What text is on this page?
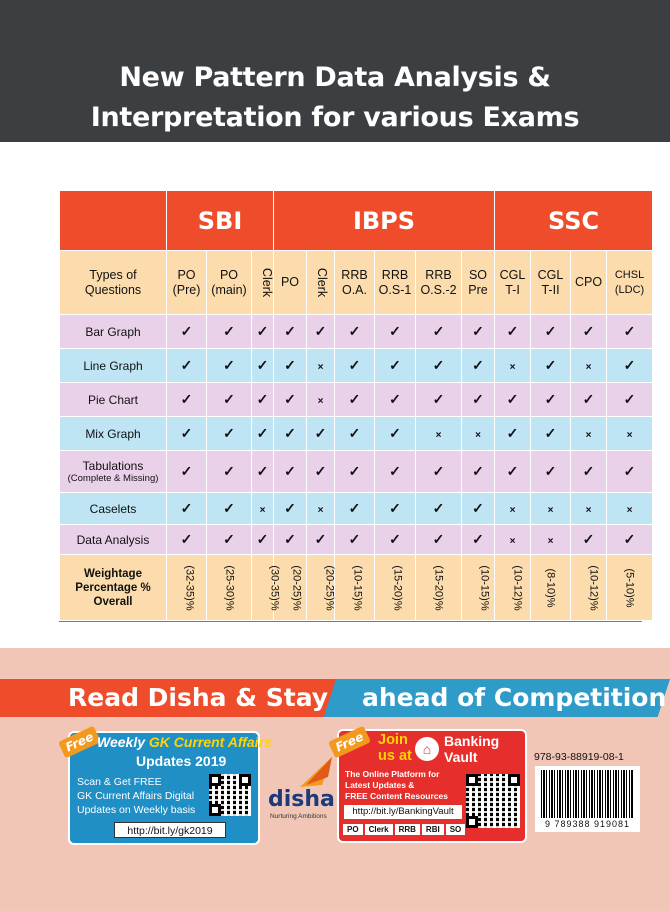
New Pattern Data Analysis &
Interpretation for various Exams
	SBI			IBPS						SSC			
Types of Questions	PO (Pre)	PO (main)	Clerk	PO	Clerk	RRB O.A.	RRB O.S-1	RRB O.S.-2	SO Pre	CGL T-I	CGL T-II	CPO	CHSL (LDC)

Bar Graph	✓	✓	✓	✓	✓	✓	✓	✓	✓	✓	✓	✓	✓

Line Graph	✓	✓	✓	✓	×	✓	✓	✓	✓	×	✓	×	✓

Pie Chart	✓	✓	✓	✓	×	✓	✓	✓	✓	✓	✓	✓	✓

Mix Graph	✓	✓	✓	✓	✓	✓	✓	×	×	✓	✓	×	×

Tabulations
(Complete & Missing)	✓	✓	✓	✓	✓	✓	✓	✓	✓	✓	✓	✓	✓

Caselets	✓	✓	×	✓	×	✓	✓	✓	✓	×	×	×	×

Data Analysis	✓	✓	✓	✓	✓	✓	✓	✓	✓	×	×	✓	✓

Weightage
Percentage %
Overall	(32-35)%	(25-30)%	(30-35)%	(20-25)%	(20-25)%	(10-15)%	(15-20)%	(15-20)%	(10-15)%	(10-12)%	(8-10)%	(10-12)%	(5-10)%
Read Disha & Stay ahead of Competition
Free Weekly GK Current Affairs
Updates 2019
Scan & Get FREE
GK Current Affairs Digital
Updates on Weekly basis
http://bit.ly/gk2019
disha
Nurturing Ambitions
Free Join us at ⌂ Banking Vault
The Online Platform for
Latest Updates &
FREE Content Resources
http://bit.ly/BankingVault
PO	Clerk	RRB	RBI	SO
978-93-88919-08-1
9 789388 919081
